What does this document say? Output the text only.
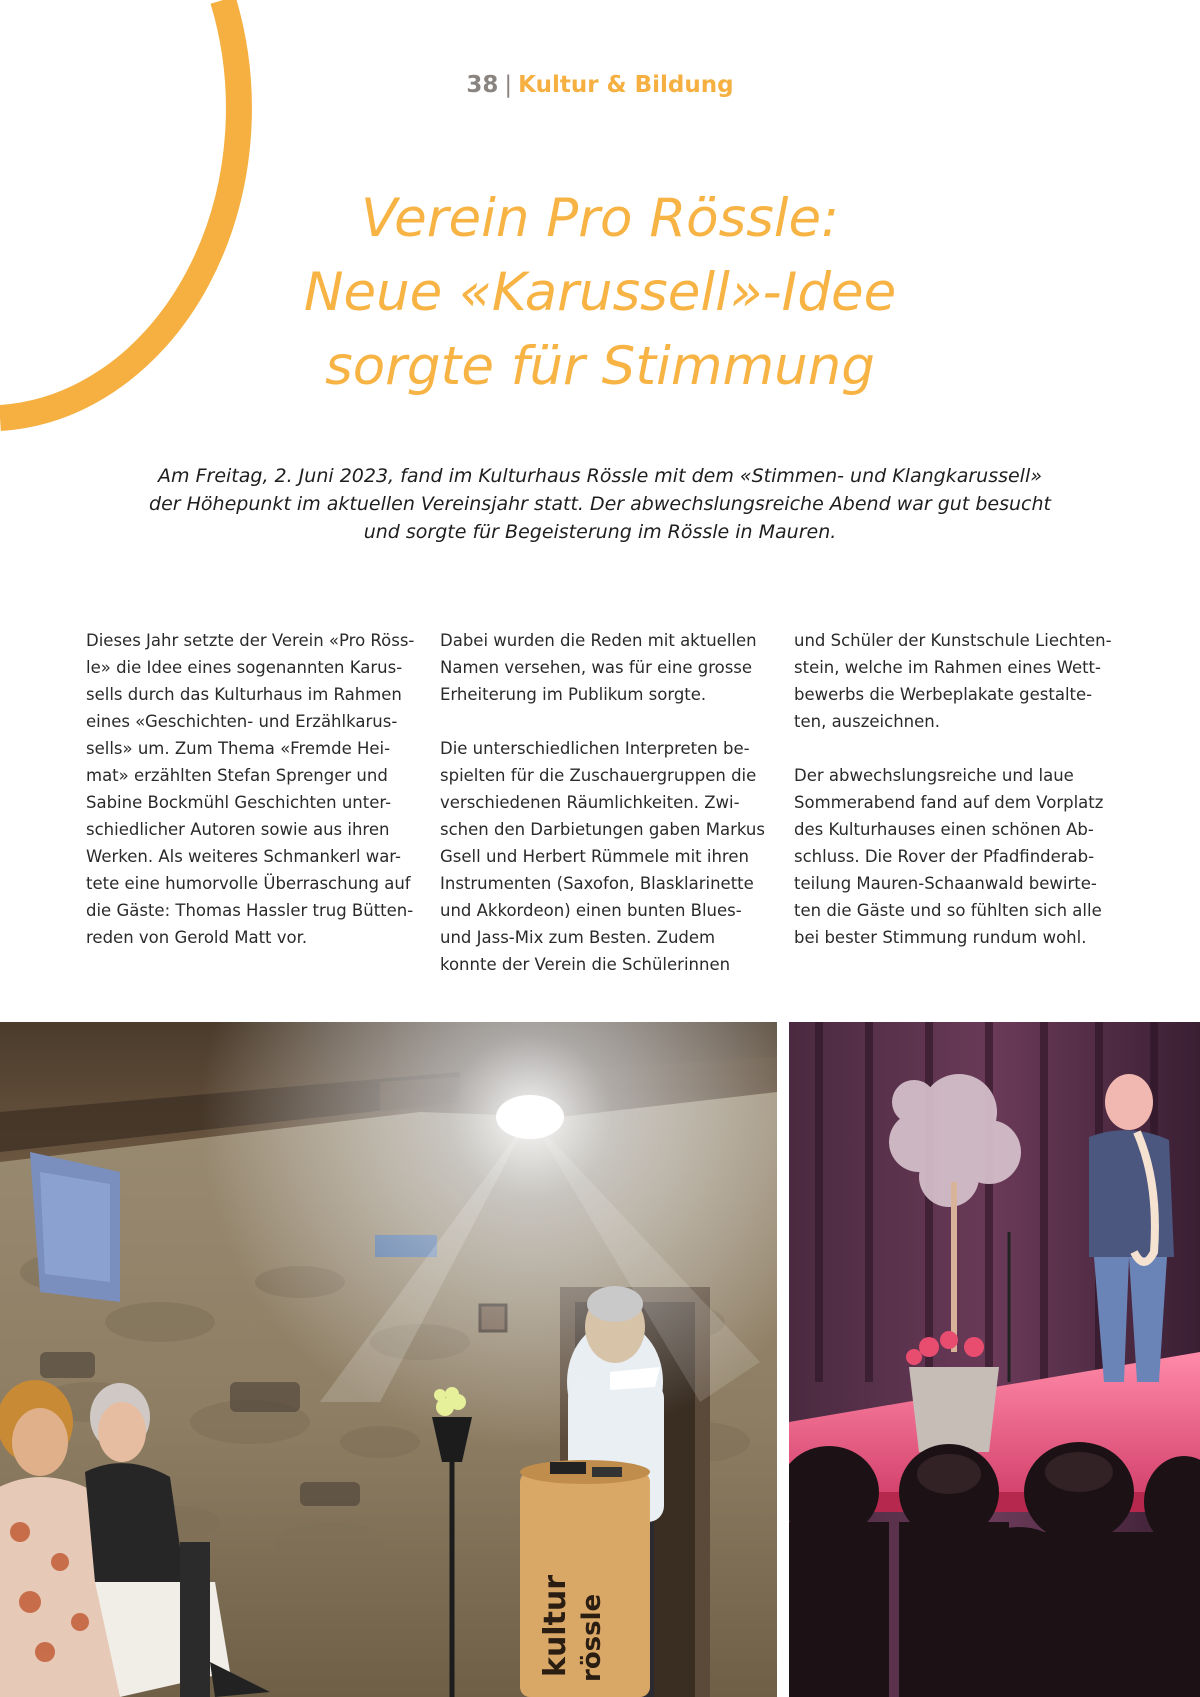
38 | Kultur & Bildung
Verein Pro Rössle:
Neue «Karussell»-Idee
sorgte für Stimmung

Am Freitag, 2. Juni 2023, fand im Kulturhaus Rössle mit dem «Stimmen- und Klangkarussell»
der Höhepunkt im aktuellen Vereinsjahr statt. Der abwechslungsreiche Abend war gut besucht
und sorgte für Begeisterung im Rössle in Mauren.

Dieses Jahr setzte der Verein «Pro Röss-
le» die Idee eines sogenannten Karus-
sells durch das Kulturhaus im Rahmen
eines «Geschichten- und Erzählkarus-
sells» um. Zum Thema «Fremde Hei-
mat» erzählten Stefan Sprenger und
Sabine Bockmühl Geschichten unter-
schiedlicher Autoren sowie aus ihren
Werken. Als weiteres Schmankerl war-
tete eine humorvolle Überraschung auf
die Gäste: Thomas Hassler trug Bütten-
reden von Gerold Matt vor.

Dabei wurden die Reden mit aktuellen
Namen versehen, was für eine grosse
Erheiterung im Publikum sorgte.

Die unterschiedlichen Interpreten be-
spielten für die Zuschauergruppen die
verschiedenen Räumlichkeiten. Zwi-
schen den Darbietungen gaben Markus
Gsell und Herbert Rümmele mit ihren
Instrumenten (Saxofon, Blasklarinette
und Akkordeon) einen bunten Blues-
und Jass-Mix zum Besten. Zudem
konnte der Verein die Schülerinnen

und Schüler der Kunstschule Liechten-
stein, welche im Rahmen eines Wett-
bewerbs die Werbeplakate gestalte-
ten, auszeichnen.

Der abwechslungsreiche und laue
Sommerabend fand auf dem Vorplatz
des Kulturhauses einen schönen Ab-
schluss. Die Rover der Pfadfinderab-
teilung Mauren-Schaanwald bewirte-
ten die Gäste und so fühlten sich alle
bei bester Stimmung rundum wohl.

kultur rössle
